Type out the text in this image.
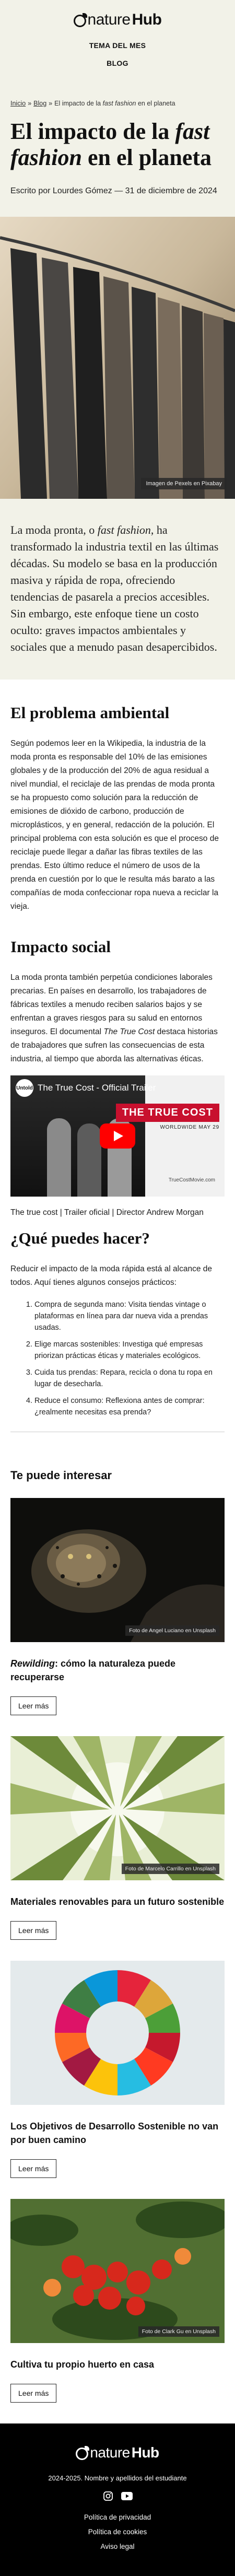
nature Hub
TEMA DEL MES
BLOG
Inicio » Blog » El impacto de la fast fashion en el planeta
El impacto de la fast fashion en el planeta
Escrito por Lourdes Gómez — 31 de diciembre de 2024
Imagen de Pexels en Pixabay

La moda pronta, o fast fashion, ha transformado la industria textil en las últimas décadas. Su modelo se basa en la producción masiva y rápida de ropa, ofreciendo tendencias de pasarela a precios accesibles. Sin embargo, este enfoque tiene un costo oculto: graves impactos ambientales y sociales que a menudo pasan desapercibidos.

El problema ambiental

Según podemos leer en la Wikipedia, la industria de la moda pronta es responsable del 10% de las emisiones globales y de la producción del 20% de agua residual a nivel mundial, el reciclaje de las prendas de moda pronta se ha propuesto como solución para la reducción de emisiones de dióxido de carbono, producción de microplásticos, y en general, redacción de la polución. El principal problema con esta solución es que el proceso de reciclaje puede llegar a dañar las fibras textiles de las prendas. Esto último reduce el número de usos de la prenda en cuestión por lo que le resulta más barato a las compañías de moda confeccionar ropa nueva a reciclar la vieja.

Impacto social

La moda pronta también perpetúa condiciones laborales precarias. En países en desarrollo, los trabajadores de fábricas textiles a menudo reciben salarios bajos y se enfrentan a graves riesgos para su salud en entornos inseguros. El documental The True Cost destaca historias de trabajadores que sufren las consecuencias de esta industria, al tiempo que aborda las alternativas éticas.

THE TRUE COST
WORLDWIDE MAY 29
TrueCostMovie.com
Untold The True Cost - Official Trailer

The true cost | Trailer oficial | Director Andrew Morgan

¿Qué puedes hacer?

Reducir el impacto de la moda rápida está al alcance de todos. Aquí tienes algunos consejos prácticos:

1. Compra de segunda mano: Visita tiendas vintage o plataformas en línea para dar nueva vida a prendas usadas.
2. Elige marcas sostenibles: Investiga qué empresas priorizan prácticas éticas y materiales ecológicos.
3. Cuida tus prendas: Repara, recicla o dona tu ropa en lugar de desecharla.
4. Reduce el consumo: Reflexiona antes de comprar: ¿realmente necesitas esa prenda?
Te puede interesar
Foto de Angel Luciano en Unsplash
Rewilding: cómo la naturaleza puede recuperarse
Leer más
Foto de Marcelo Carrillo en Unsplash
Materiales renovables para un futuro sostenible
Leer más
Los Objetivos de Desarrollo Sostenible no van por buen camino
Leer más
Foto de Clark Gu en Unsplash
Cultiva tu propio huerto en casa
Leer más
nature Hub
2024-2025. Nombre y apellidos del estudiante
Política de privacidad
Política de cookies
Aviso legal
